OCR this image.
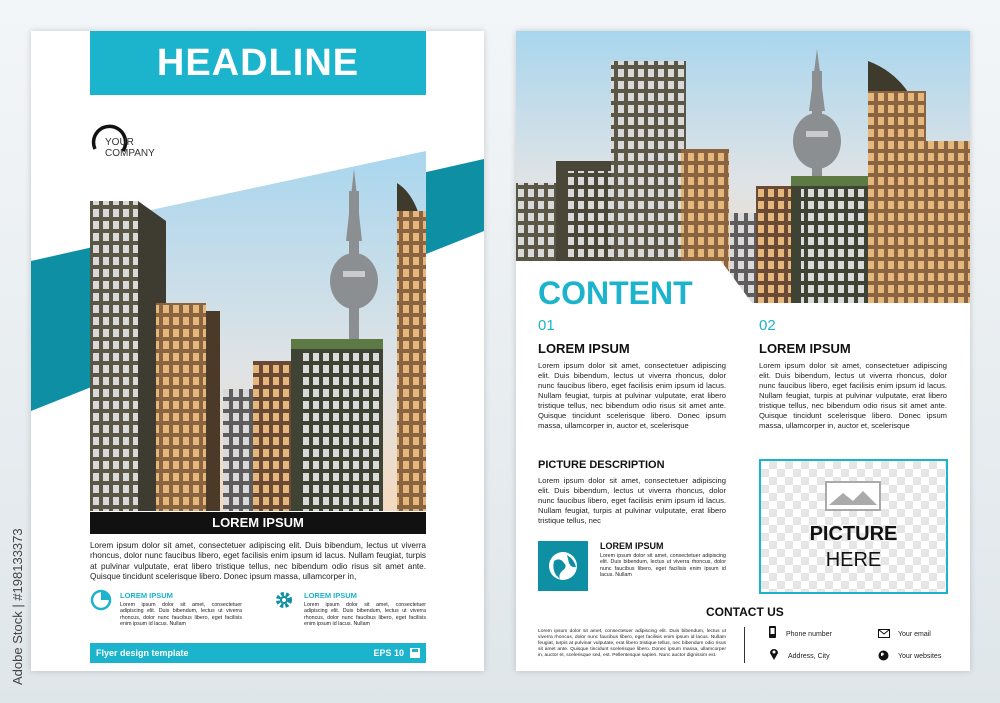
Adobe Stock | #198133373
HEADLINE
YOUR
COMPANY
LOREM IPSUM
Lorem ipsum dolor sit amet, consectetuer adipiscing elit. Duis bibendum, lectus ut viverra rhoncus, dolor nunc faucibus libero, eget facilisis enim ipsum id lacus. Nullam feugiat, turpis at pulvinar vulputate, erat libero tristique tellus, nec bibendum odio risus sit amet ante. Quisque tincidunt scelerisque libero. Donec ipsum massa, ullamcorper in,
LOREM IPSUM
Lorem ipsum dolor sit amet, consectetuer adipiscing elit. Duis bibendum, lectus ut viverra rhoncus, dolor nunc faucibus libero, eget facilisis enim ipsum id lacus. Nullam
LOREM IPSUM
Lorem ipsum dolor sit amet, consectetuer adipiscing elit. Duis bibendum, lectus ut viverra rhoncus, dolor nunc faucibus libero, eget facilisis enim ipsum id lacus. Nullam
Flyer design template	EPS 10
CONTENT
01
LOREM IPSUM
Lorem ipsum dolor sit amet, consectetuer adipiscing elit. Duis bibendum, lectus ut viverra rhoncus, dolor nunc faucibus libero, eget facilisis enim ipsum id lacus. Nullam feugiat, turpis at pulvinar vulputate, erat libero tristique tellus, nec bibendum odio risus sit amet ante. Quisque tincidunt scelerisque libero. Donec ipsum massa, ullamcorper in, auctor et, scelerisque
02
LOREM IPSUM
Lorem ipsum dolor sit amet, consectetuer adipiscing elit. Duis bibendum, lectus ut viverra rhoncus, dolor nunc faucibus libero, eget facilisis enim ipsum id lacus. Nullam feugiat, turpis at pulvinar vulputate, erat libero tristique tellus, nec bibendum odio risus sit amet ante. Quisque tincidunt scelerisque libero. Donec ipsum massa, ullamcorper in, auctor et, scelerisque
PICTURE DESCRIPTION
Lorem ipsum dolor sit amet, consectetuer adipiscing elit. Duis bibendum, lectus ut viverra rhoncus, dolor nunc faucibus libero, eget facilisis enim ipsum id lacus. Nullam feugiat, turpis at pulvinar vulputate, erat libero tristique tellus, nec
LOREM IPSUM
Lorem ipsum dolor sit amet, consectetuer adipiscing elit. Duis bibendum, lectus ut viverra rhoncus, dolor nunc faucibus libero, eget facilisis enim ipsum id lacus. Nullam
PICTURE
HERE
CONTACT US
Lorem ipsum dolor sit amet, consectetuer adipiscing elit. Duis bibendum, lectus ut viverra rhoncus, dolor nunc faucibus libero, eget facilisis enim ipsum id lacus. Nullam feugiat, turpis at pulvinar vulputate, erat libero tristique tellus, nec bibendum odio risus sit amet ante. Quisque tincidunt scelerisque libero. Donec ipsum massa, ullamcorper in, auctor et, scelerisque sed, est. Pellentesque sapien. Nunc auctor dignissim est.
Phone number	Your email
Address, City	Your websites
